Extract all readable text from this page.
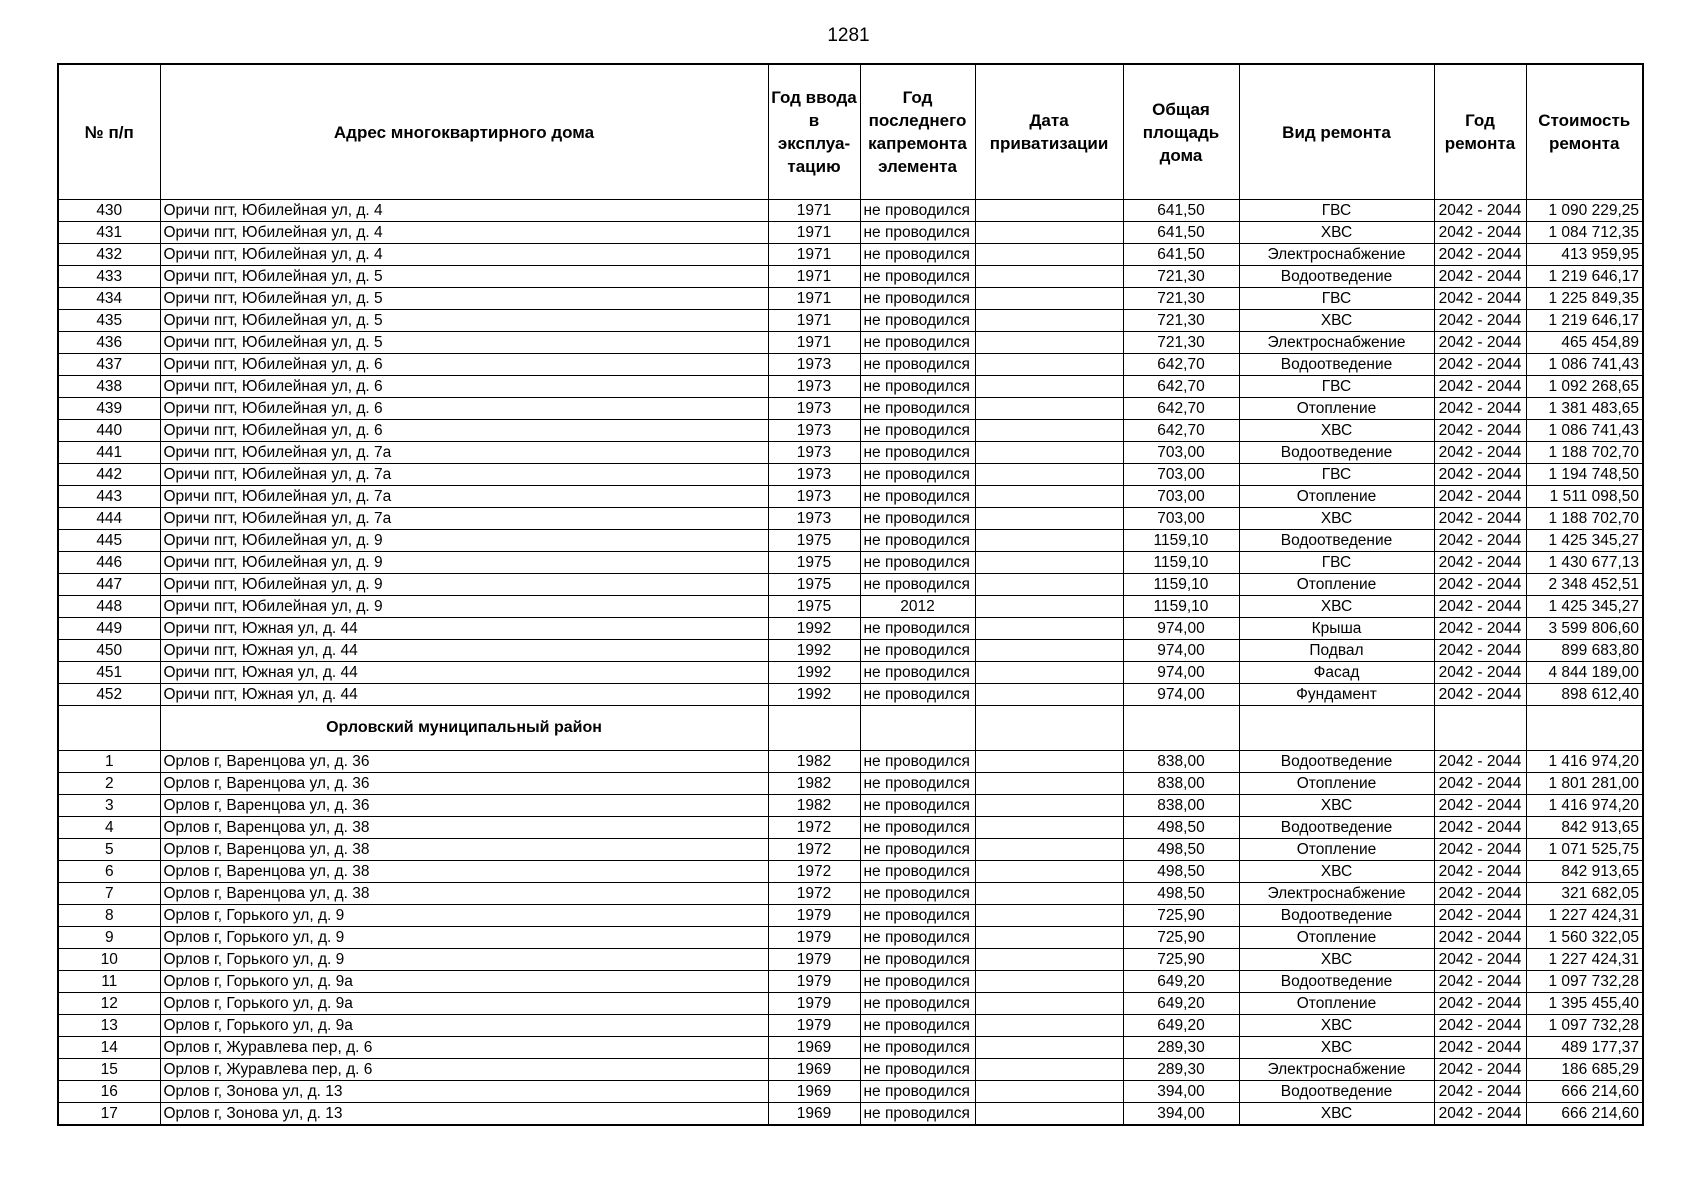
1281
№ п/п	Адрес многоквартирного дома	Год ввода в эксплуа-тацию	Год последнего капремонта элемента	Дата приватизации	Общая площадь дома	Вид ремонта	Год ремонта	Стоимость ремонта
430	Оричи пгт, Юбилейная ул, д. 4	1971	не проводился		641,50	ГВС	2042 - 2044	1 090 229,25
431	Оричи пгт, Юбилейная ул, д. 4	1971	не проводился		641,50	ХВС	2042 - 2044	1 084 712,35
432	Оричи пгт, Юбилейная ул, д. 4	1971	не проводился		641,50	Электроснабжение	2042 - 2044	413 959,95
433	Оричи пгт, Юбилейная ул, д. 5	1971	не проводился		721,30	Водоотведение	2042 - 2044	1 219 646,17
434	Оричи пгт, Юбилейная ул, д. 5	1971	не проводился		721,30	ГВС	2042 - 2044	1 225 849,35
435	Оричи пгт, Юбилейная ул, д. 5	1971	не проводился		721,30	ХВС	2042 - 2044	1 219 646,17
436	Оричи пгт, Юбилейная ул, д. 5	1971	не проводился		721,30	Электроснабжение	2042 - 2044	465 454,89
437	Оричи пгт, Юбилейная ул, д. 6	1973	не проводился		642,70	Водоотведение	2042 - 2044	1 086 741,43
438	Оричи пгт, Юбилейная ул, д. 6	1973	не проводился		642,70	ГВС	2042 - 2044	1 092 268,65
439	Оричи пгт, Юбилейная ул, д. 6	1973	не проводился		642,70	Отопление	2042 - 2044	1 381 483,65
440	Оричи пгт, Юбилейная ул, д. 6	1973	не проводился		642,70	ХВС	2042 - 2044	1 086 741,43
441	Оричи пгт, Юбилейная ул, д. 7а	1973	не проводился		703,00	Водоотведение	2042 - 2044	1 188 702,70
442	Оричи пгт, Юбилейная ул, д. 7а	1973	не проводился		703,00	ГВС	2042 - 2044	1 194 748,50
443	Оричи пгт, Юбилейная ул, д. 7а	1973	не проводился		703,00	Отопление	2042 - 2044	1 511 098,50
444	Оричи пгт, Юбилейная ул, д. 7а	1973	не проводился		703,00	ХВС	2042 - 2044	1 188 702,70
445	Оричи пгт, Юбилейная ул, д. 9	1975	не проводился		1159,10	Водоотведение	2042 - 2044	1 425 345,27
446	Оричи пгт, Юбилейная ул, д. 9	1975	не проводился		1159,10	ГВС	2042 - 2044	1 430 677,13
447	Оричи пгт, Юбилейная ул, д. 9	1975	не проводился		1159,10	Отопление	2042 - 2044	2 348 452,51
448	Оричи пгт, Юбилейная ул, д. 9	1975	2012		1159,10	ХВС	2042 - 2044	1 425 345,27
449	Оричи пгт, Южная ул, д. 44	1992	не проводился		974,00	Крыша	2042 - 2044	3 599 806,60
450	Оричи пгт, Южная ул, д. 44	1992	не проводился		974,00	Подвал	2042 - 2044	899 683,80
451	Оричи пгт, Южная ул, д. 44	1992	не проводился		974,00	Фасад	2042 - 2044	4 844 189,00
452	Оричи пгт, Южная ул, д. 44	1992	не проводился		974,00	Фундамент	2042 - 2044	898 612,40
	Орловский муниципальный район							
1	Орлов г, Варенцова ул, д. 36	1982	не проводился		838,00	Водоотведение	2042 - 2044	1 416 974,20
2	Орлов г, Варенцова ул, д. 36	1982	не проводился		838,00	Отопление	2042 - 2044	1 801 281,00
3	Орлов г, Варенцова ул, д. 36	1982	не проводился		838,00	ХВС	2042 - 2044	1 416 974,20
4	Орлов г, Варенцова ул, д. 38	1972	не проводился		498,50	Водоотведение	2042 - 2044	842 913,65
5	Орлов г, Варенцова ул, д. 38	1972	не проводился		498,50	Отопление	2042 - 2044	1 071 525,75
6	Орлов г, Варенцова ул, д. 38	1972	не проводился		498,50	ХВС	2042 - 2044	842 913,65
7	Орлов г, Варенцова ул, д. 38	1972	не проводился		498,50	Электроснабжение	2042 - 2044	321 682,05
8	Орлов г, Горького ул, д. 9	1979	не проводился		725,90	Водоотведение	2042 - 2044	1 227 424,31
9	Орлов г, Горького ул, д. 9	1979	не проводился		725,90	Отопление	2042 - 2044	1 560 322,05
10	Орлов г, Горького ул, д. 9	1979	не проводился		725,90	ХВС	2042 - 2044	1 227 424,31
11	Орлов г, Горького ул, д. 9а	1979	не проводился		649,20	Водоотведение	2042 - 2044	1 097 732,28
12	Орлов г, Горького ул, д. 9а	1979	не проводился		649,20	Отопление	2042 - 2044	1 395 455,40
13	Орлов г, Горького ул, д. 9а	1979	не проводился		649,20	ХВС	2042 - 2044	1 097 732,28
14	Орлов г, Журавлева пер, д. 6	1969	не проводился		289,30	ХВС	2042 - 2044	489 177,37
15	Орлов г, Журавлева пер, д. 6	1969	не проводился		289,30	Электроснабжение	2042 - 2044	186 685,29
16	Орлов г, Зонова ул, д. 13	1969	не проводился		394,00	Водоотведение	2042 - 2044	666 214,60
17	Орлов г, Зонова ул, д. 13	1969	не проводился		394,00	ХВС	2042 - 2044	666 214,60
